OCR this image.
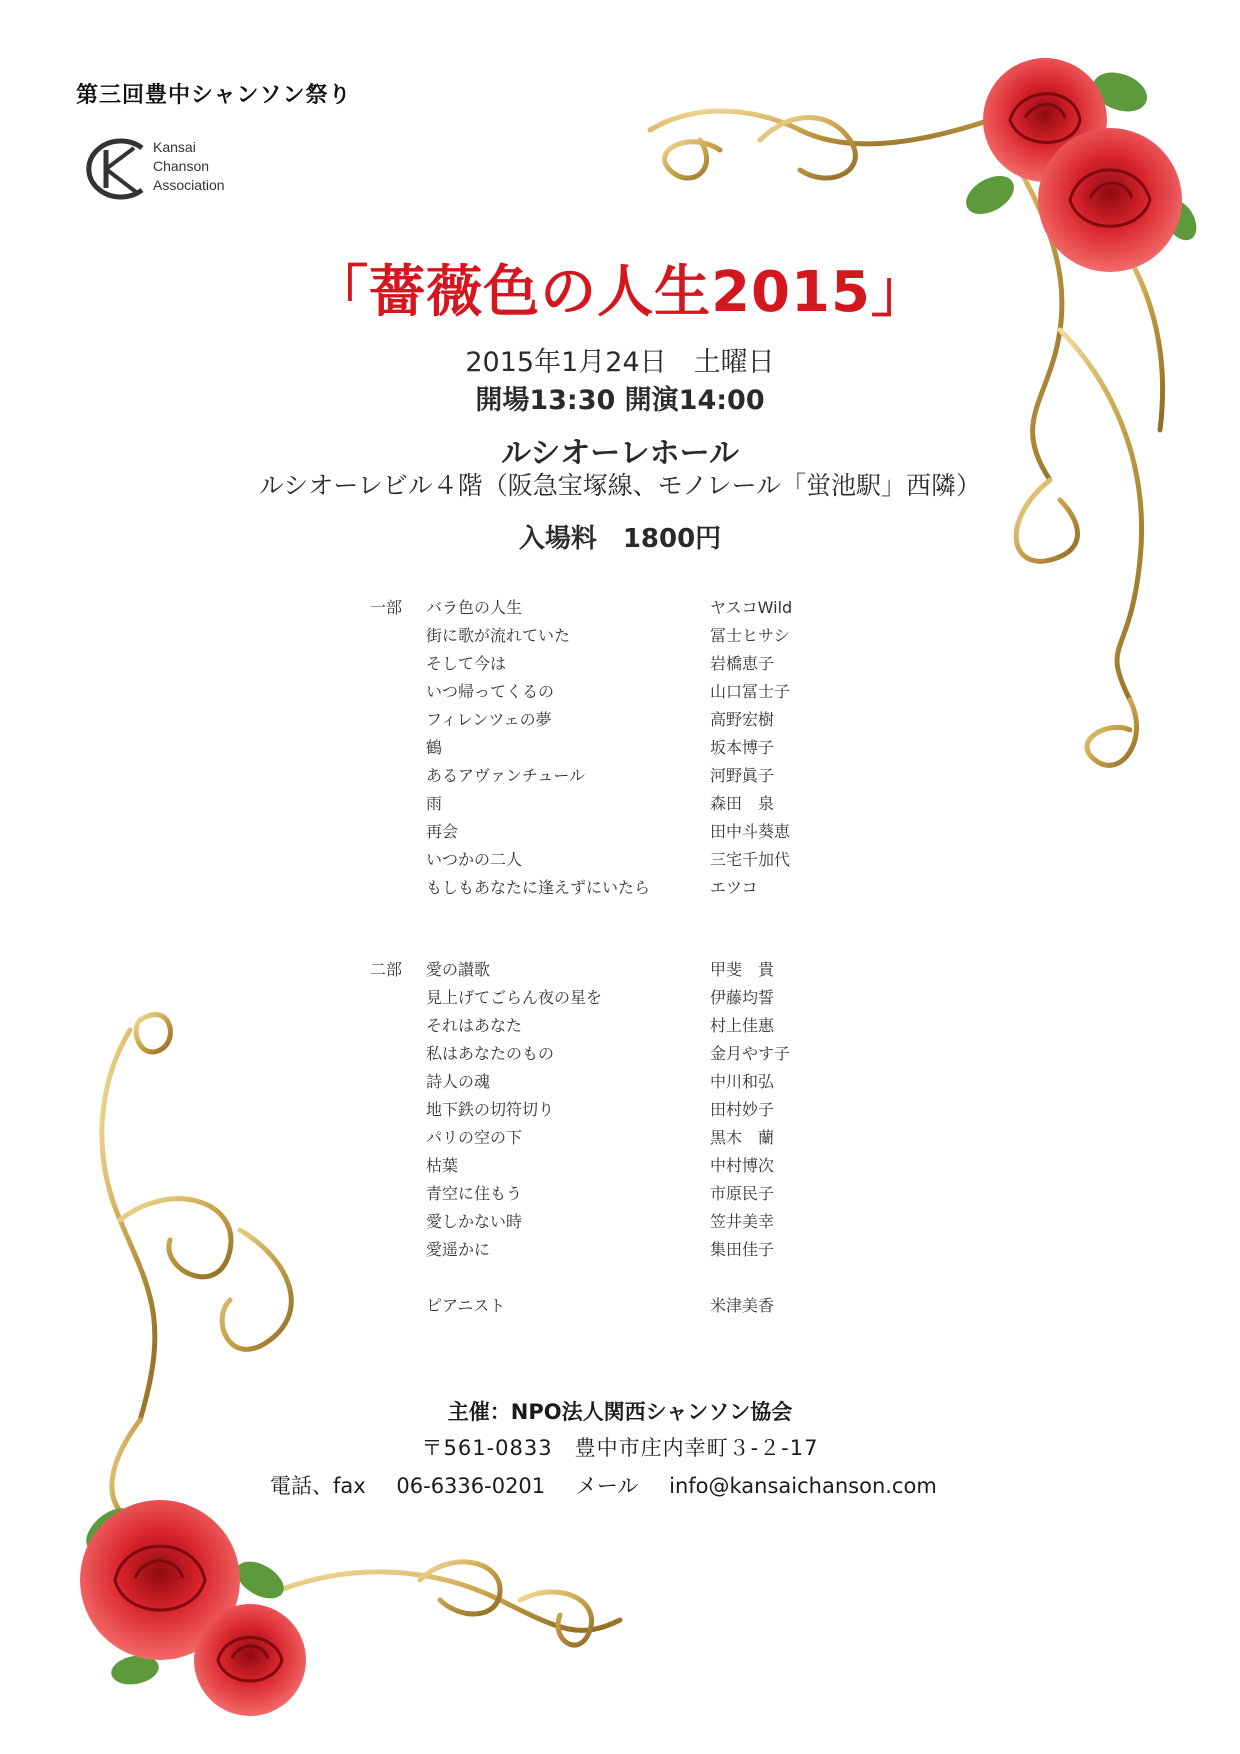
第三回豊中シャンソン祭り
Kansai
Chanson
Association
「薔薇色の人生2015」
2015年1月24日　土曜日
開場13:30 開演14:00
ルシオーレホール
ルシオーレビル４階（阪急宝塚線、モノレール「蛍池駅」西隣）
入場料　1800円
一部 バラ色の人生	ヤスコWild
街に歌が流れていた	冨士ヒサシ
そして今は	岩橋恵子
いつ帰ってくるの	山口冨士子
フィレンツェの夢	高野宏樹
鶴	坂本博子
あるアヴァンチュール	河野眞子
雨	森田　泉
再会	田中斗葵恵
いつかの二人	三宅千加代
もしもあなたに逢えずにいたら	エツコ
二部 愛の讃歌	甲斐　貴
見上げてごらん夜の星を	伊藤均誓
それはあなた	村上佳惠
私はあなたのもの	金月やす子
詩人の魂	中川和弘
地下鉄の切符切り	田村妙子
パリの空の下	黒木　蘭
枯葉	中村博次
青空に住もう	市原民子
愛しかない時	笠井美幸
愛遥かに	集田佳子
ピアニスト	米津美香
主催：NPO法人関西シャンソン協会
〒561-0833　豊中市庄内幸町３-２-17
電話、fax 06-6336-0201 メール info@kansaichanson.com
